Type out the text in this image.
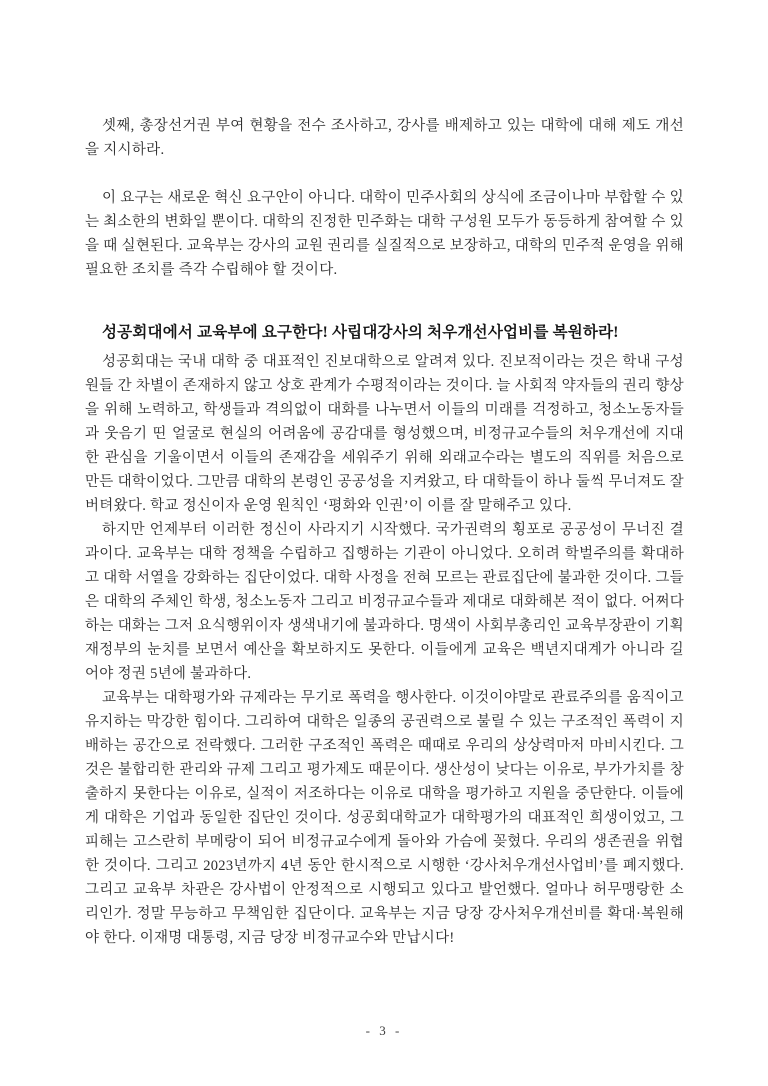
셋째, 총장선거권 부여 현황을 전수 조사하고, 강사를 배제하고 있는 대학에 대해 제도 개선을 지시하라.

이 요구는 새로운 혁신 요구안이 아니다. 대학이 민주사회의 상식에 조금이나마 부합할 수 있는 최소한의 변화일 뿐이다. 대학의 진정한 민주화는 대학 구성원 모두가 동등하게 참여할 수 있을 때 실현된다. 교육부는 강사의 교원 권리를 실질적으로 보장하고, 대학의 민주적 운영을 위해 필요한 조치를 즉각 수립해야 할 것이다.

성공회대에서 교육부에 요구한다! 사립대강사의 처우개선사업비를 복원하라!

성공회대는 국내 대학 중 대표적인 진보대학으로 알려져 있다. 진보적이라는 것은 학내 구성원들 간 차별이 존재하지 않고 상호 관계가 수평적이라는 것이다. 늘 사회적 약자들의 권리 향상을 위해 노력하고, 학생들과 격의없이 대화를 나누면서 이들의 미래를 걱정하고, 청소노동자들과 웃음기 띤 얼굴로 현실의 어려움에 공감대를 형성했으며, 비정규교수들의 처우개선에 지대한 관심을 기울이면서 이들의 존재감을 세워주기 위해 외래교수라는 별도의 직위를 처음으로 만든 대학이었다. 그만큼 대학의 본령인 공공성을 지켜왔고, 타 대학들이 하나 둘씩 무너져도 잘 버텨왔다. 학교 정신이자 운영 원칙인 ‘평화와 인권’이 이를 잘 말해주고 있다.

하지만 언제부터 이러한 정신이 사라지기 시작했다. 국가권력의 횡포로 공공성이 무너진 결과이다. 교육부는 대학 정책을 수립하고 집행하는 기관이 아니었다. 오히려 학벌주의를 확대하고 대학 서열을 강화하는 집단이었다. 대학 사정을 전혀 모르는 관료집단에 불과한 것이다. 그들은 대학의 주체인 학생, 청소노동자 그리고 비정규교수들과 제대로 대화해본 적이 없다. 어쩌다 하는 대화는 그저 요식행위이자 생색내기에 불과하다. 명색이 사회부총리인 교육부장관이 기획재정부의 눈치를 보면서 예산을 확보하지도 못한다. 이들에게 교육은 백년지대계가 아니라 길어야 정권 5년에 불과하다.

교육부는 대학평가와 규제라는 무기로 폭력을 행사한다. 이것이야말로 관료주의를 움직이고 유지하는 막강한 힘이다. 그리하여 대학은 일종의 공권력으로 불릴 수 있는 구조적인 폭력이 지배하는 공간으로 전락했다. 그러한 구조적인 폭력은 때때로 우리의 상상력마저 마비시킨다. 그것은 불합리한 관리와 규제 그리고 평가제도 때문이다. 생산성이 낮다는 이유로, 부가가치를 창출하지 못한다는 이유로, 실적이 저조하다는 이유로 대학을 평가하고 지원을 중단한다. 이들에게 대학은 기업과 동일한 집단인 것이다. 성공회대학교가 대학평가의 대표적인 희생이었고, 그 피해는 고스란히 부메랑이 되어 비정규교수에게 돌아와 가슴에 꽂혔다. 우리의 생존권을 위협한 것이다. 그리고 2023년까지 4년 동안 한시적으로 시행한 ‘강사처우개선사업비’를 폐지했다. 그리고 교육부 차관은 강사법이 안정적으로 시행되고 있다고 발언했다. 얼마나 허무맹랑한 소리인가. 정말 무능하고 무책임한 집단이다. 교육부는 지금 당장 강사처우개선비를 확대·복원해야 한다. 이재명 대통령, 지금 당장 비정규교수와 만납시다!

- 3 -
